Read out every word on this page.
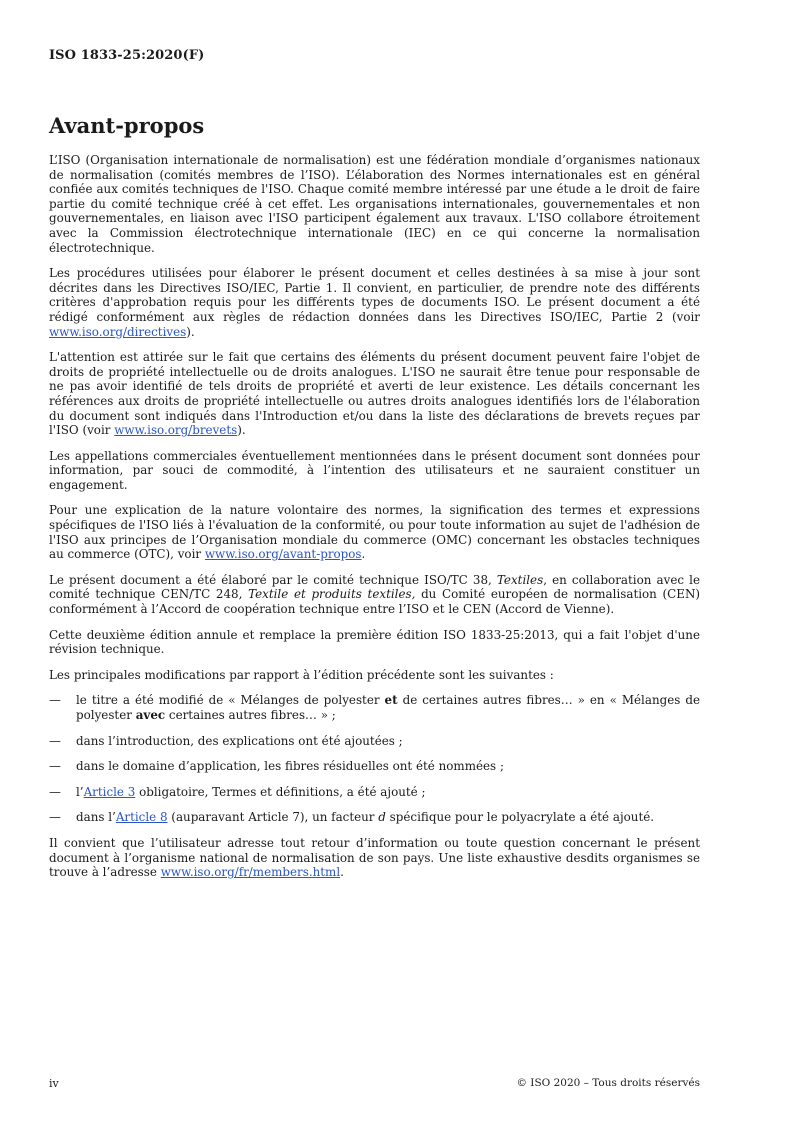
ISO 1833-25:2020(F)
Avant-propos

L’ISO (Organisation internationale de normalisation) est une fédération mondiale d’organismes nationaux de normalisation (comités membres de l’ISO). L’élaboration des Normes internationales est en général confiée aux comités techniques de l'ISO. Chaque comité membre intéressé par une étude a le droit de faire partie du comité technique créé à cet effet. Les organisations internationales, gouvernementales et non gouvernementales, en liaison avec l'ISO participent également aux travaux. L'ISO collabore étroitement avec la Commission électrotechnique internationale (IEC) en ce qui concerne la normalisation électrotechnique.

Les procédures utilisées pour élaborer le présent document et celles destinées à sa mise à jour sont décrites dans les Directives ISO/IEC, Partie 1. Il convient, en particulier, de prendre note des différents critères d'approbation requis pour les différents types de documents ISO. Le présent document a été rédigé conformément aux règles de rédaction données dans les Directives ISO/IEC, Partie 2 (voir www.iso.org/directives).

L'attention est attirée sur le fait que certains des éléments du présent document peuvent faire l'objet de droits de propriété intellectuelle ou de droits analogues. L'ISO ne saurait être tenue pour responsable de ne pas avoir identifié de tels droits de propriété et averti de leur existence. Les détails concernant les références aux droits de propriété intellectuelle ou autres droits analogues identifiés lors de l'élaboration du document sont indiqués dans l'Introduction et/ou dans la liste des déclarations de brevets reçues par l'ISO (voir www.iso.org/brevets).

Les appellations commerciales éventuellement mentionnées dans le présent document sont données pour information, par souci de commodité, à l’intention des utilisateurs et ne sauraient constituer un engagement.

Pour une explication de la nature volontaire des normes, la signification des termes et expressions spécifiques de l'ISO liés à l'évaluation de la conformité, ou pour toute information au sujet de l'adhésion de l'ISO aux principes de l’Organisation mondiale du commerce (OMC) concernant les obstacles techniques au commerce (OTC), voir www.iso.org/avant-propos.

Le présent document a été élaboré par le comité technique ISO/TC 38, Textiles, en collaboration avec le comité technique CEN/TC 248, Textile et produits textiles, du Comité européen de normalisation (CEN) conformément à l’Accord de coopération technique entre l’ISO et le CEN (Accord de Vienne).

Cette deuxième édition annule et remplace la première édition ISO 1833-25:2013, qui a fait l'objet d'une révision technique.

Les principales modifications par rapport à l’édition précédente sont les suivantes :

—	le titre a été modifié de « Mélanges de polyester et de certaines autres fibres… » en « Mélanges de polyester avec certaines autres fibres… » ;
—	dans l’introduction, des explications ont été ajoutées ;
—	dans le domaine d’application, les fibres résiduelles ont été nommées ;
—	l’Article 3 obligatoire, Termes et définitions, a été ajouté ;
—	dans l’Article 8 (auparavant Article 7), un facteur d spécifique pour le polyacrylate a été ajouté.

Il convient que l’utilisateur adresse tout retour d’information ou toute question concernant le présent document à l’organisme national de normalisation de son pays. Une liste exhaustive desdits organismes se trouve à l’adresse www.iso.org/fr/members.html.

iv	© ISO 2020 – Tous droits réservés
